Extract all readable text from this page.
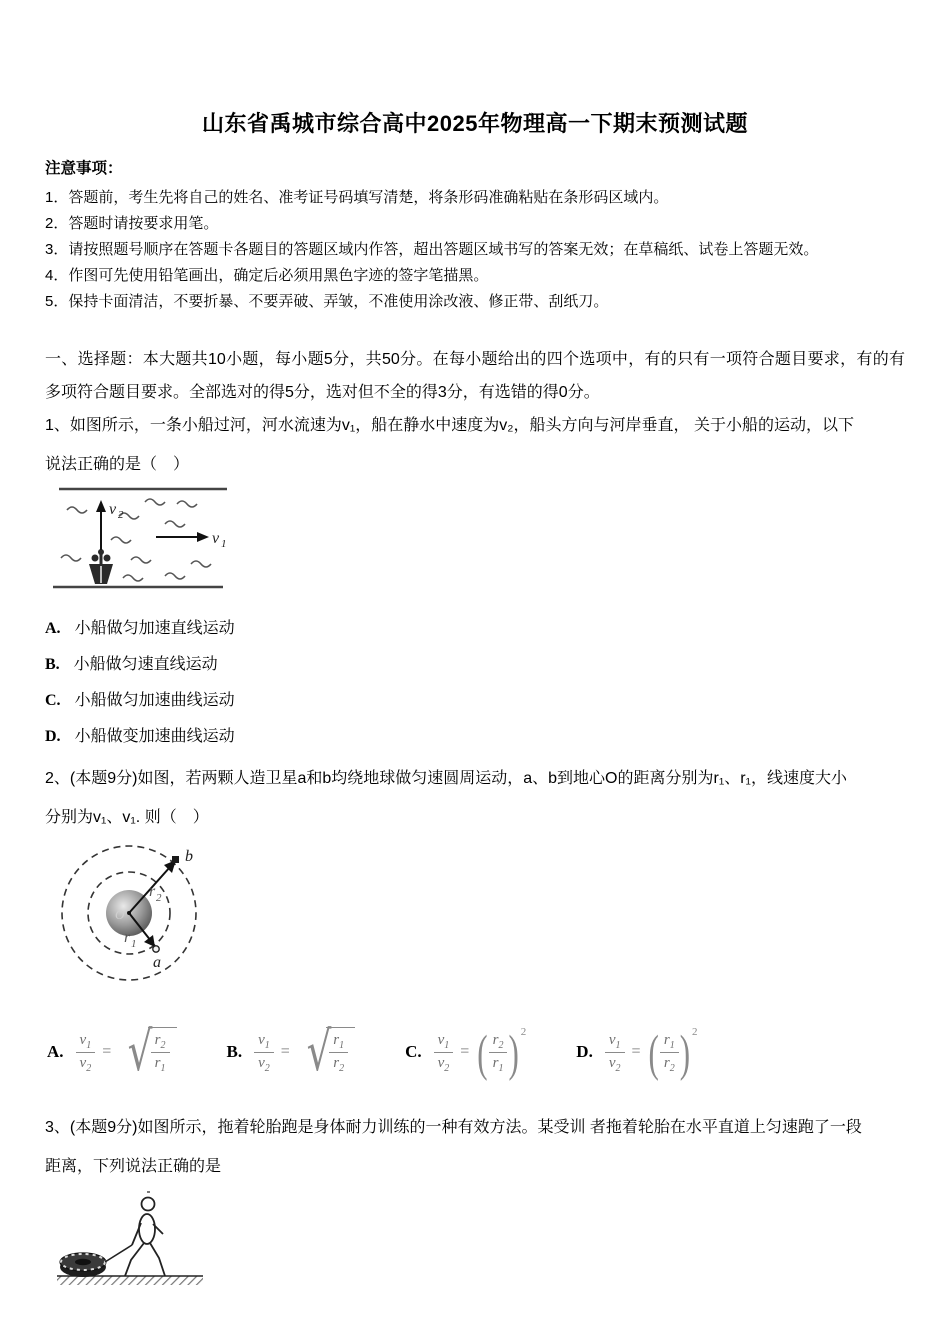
山东省禹城市综合高中2025年物理高一下期末预测试题

注意事项：

1．答题前，考生先将自己的姓名、准考证号码填写清楚，将条形码准确粘贴在条形码区域内。

2．答题时请按要求用笔。

3．请按照题号顺序在答题卡各题目的答题区域内作答，超出答题区域书写的答案无效；在草稿纸、试卷上答题无效。

4．作图可先使用铅笔画出，确定后必须用黑色字迹的签字笔描黑。

5．保持卡面清洁，不要折暴、不要弄破、弄皱，不准使用涂改液、修正带、刮纸刀。

一、选择题：本大题共10小题，每小题5分，共50分。在每小题给出的四个选项中，有的只有一项符合题目要求，有的有多项符合题目要求。全部选对的得5分，选对但不全的得3分，有选错的得0分。

1、如图所示，一条小船过河，河水流速为v₁，船在静水中速度为v₂，船头方向与河岸垂直， 关于小船的运动，以下

说法正确的是（　）

v 2
v 1

A. 小船做匀加速直线运动

B. 小船做匀速直线运动

C. 小船做匀加速曲线运动

D. 小船做变加速曲线运动

2、(本题9分)如图，若两颗人造卫星a和b均绕地球做匀速圆周运动，a、b到地心O的距离分别为r₁、r₁，线速度大小

分别为v₁、v₁. 则（　）

O
b
r 2
a
r 1
A. $\frac{v_1}{v_2}$ = √
$\frac{r_2}{r_1}$	B. $\frac{v_1}{v_2}$ = √
$\frac{r_1}{r_2}$	C. $\frac{v_1}{v_2}$ = ( $\frac{r_2}{r_1}$ ) 2
D. $\frac{v_1}{v_2}$ = ( $\frac{r_1}{r_2}$ ) 2

3、(本题9分)如图所示，拖着轮胎跑是身体耐力训练的一种有效方法。某受训 者拖着轮胎在水平直道上匀速跑了一段

距离，下列说法正确的是
